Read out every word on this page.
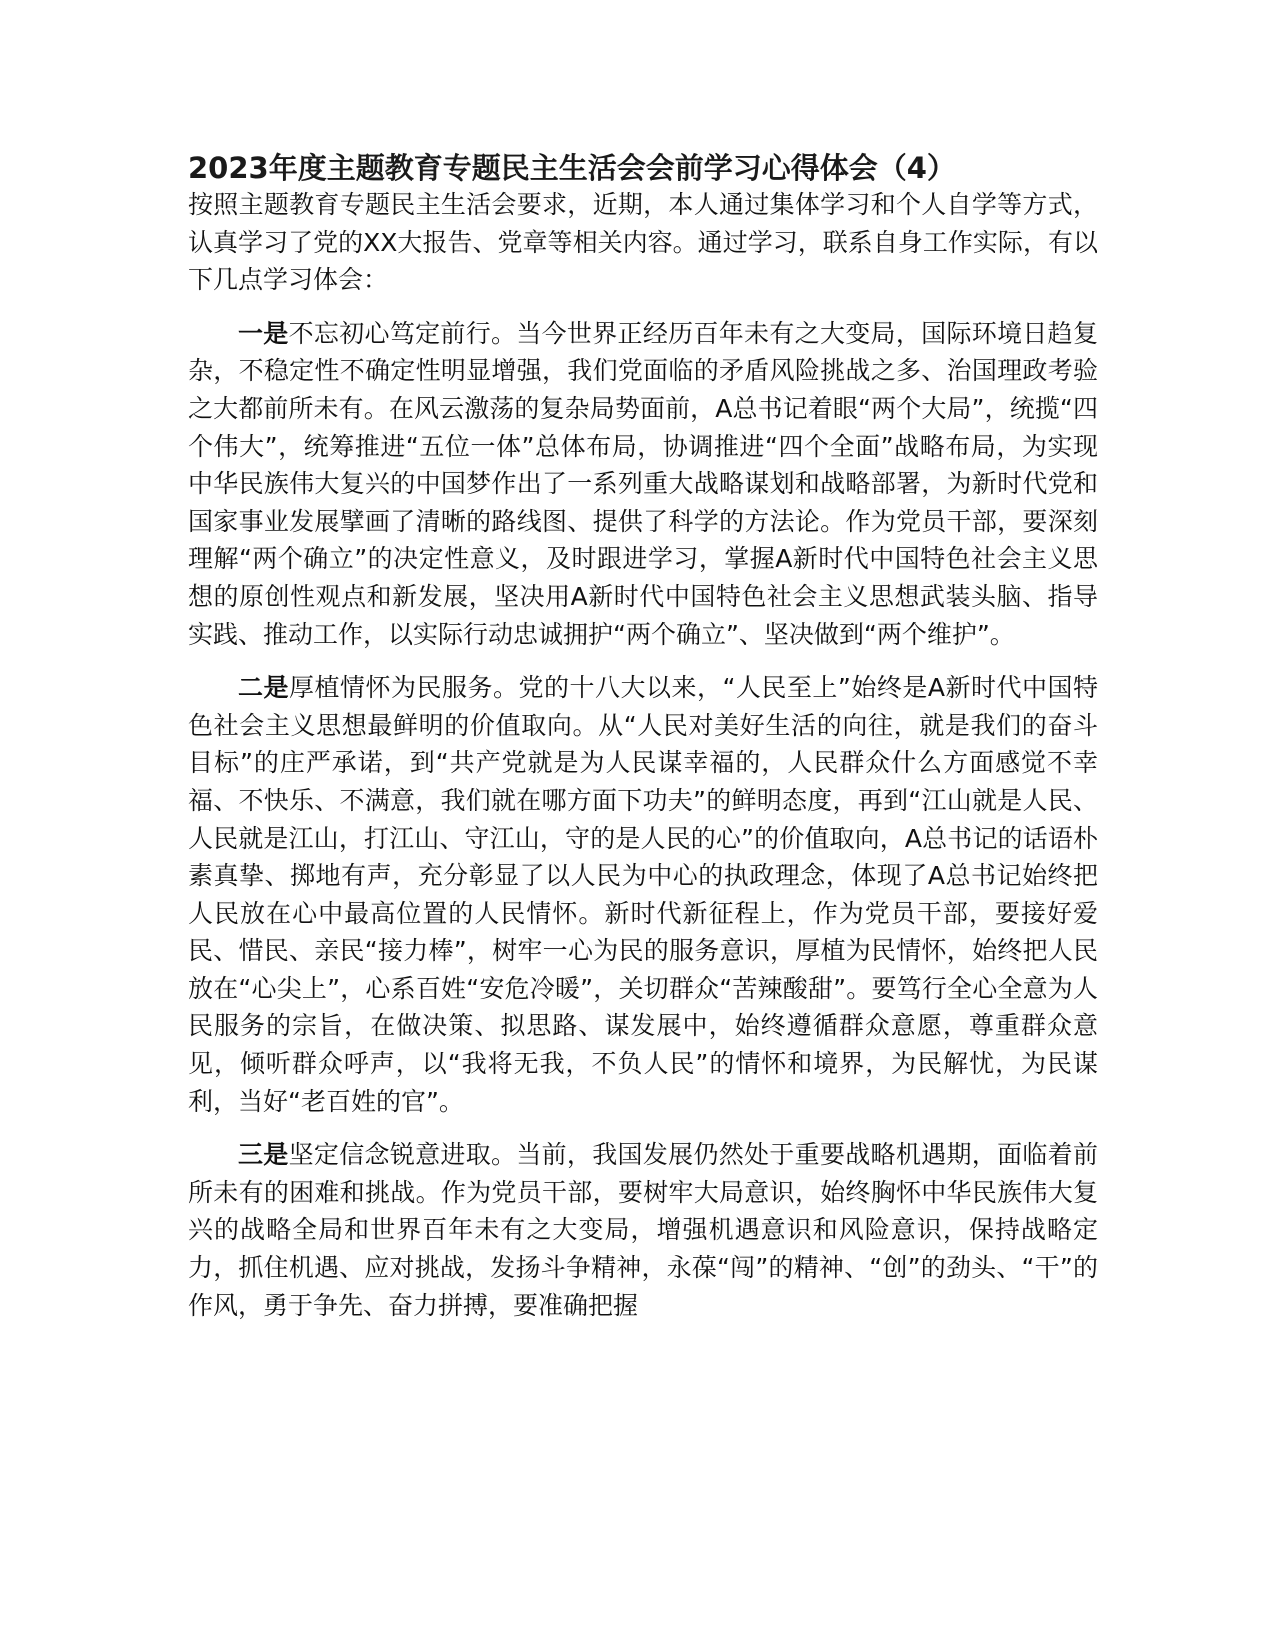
2023年度主题教育专题民主生活会会前学习心得体会（4）

按照主题教育专题民主生活会要求，近期，本人通过集体学习和个人自学等方式，认真学习了党的XX大报告、党章等相关内容。通过学习，联系自身工作实际，有以下几点学习体会：

一是不忘初心笃定前行。当今世界正经历百年未有之大变局，国际环境日趋复杂，不稳定性不确定性明显增强，我们党面临的矛盾风险挑战之多、治国理政考验之大都前所未有。在风云激荡的复杂局势面前，A总书记着眼“两个大局”，统揽“四个伟大”，统筹推进“五位一体”总体布局，协调推进“四个全面”战略布局，为实现中华民族伟大复兴的中国梦作出了一系列重大战略谋划和战略部署，为新时代党和国家事业发展擘画了清晰的路线图、提供了科学的方法论。作为党员干部，要深刻理解“两个确立”的决定性意义，及时跟进学习，掌握A新时代中国特色社会主义思想的原创性观点和新发展，坚决用A新时代中国特色社会主义思想武装头脑、指导实践、推动工作，以实际行动忠诚拥护“两个确立”、坚决做到“两个维护”。

二是厚植情怀为民服务。党的十八大以来，“人民至上”始终是A新时代中国特色社会主义思想最鲜明的价值取向。从“人民对美好生活的向往，就是我们的奋斗目标”的庄严承诺，到“共产党就是为人民谋幸福的，人民群众什么方面感觉不幸福、不快乐、不满意，我们就在哪方面下功夫”的鲜明态度，再到“江山就是人民、人民就是江山，打江山、守江山，守的是人民的心”的价值取向，A总书记的话语朴素真挚、掷地有声，充分彰显了以人民为中心的执政理念，体现了A总书记始终把人民放在心中最高位置的人民情怀。新时代新征程上，作为党员干部，要接好爱民、惜民、亲民“接力棒”，树牢一心为民的服务意识，厚植为民情怀，始终把人民放在“心尖上”，心系百姓“安危冷暖”，关切群众“苦辣酸甜”。要笃行全心全意为人民服务的宗旨，在做决策、拟思路、谋发展中，始终遵循群众意愿，尊重群众意见，倾听群众呼声，以“我将无我，不负人民”的情怀和境界，为民解忧，为民谋利，当好“老百姓的官”。

三是坚定信念锐意进取。当前，我国发展仍然处于重要战略机遇期，面临着前所未有的困难和挑战。作为党员干部，要树牢大局意识，始终胸怀中华民族伟大复兴的战略全局和世界百年未有之大变局，增强机遇意识和风险意识，保持战略定力，抓住机遇、应对挑战，发扬斗争精神，永葆“闯”的精神、“创”的劲头、“干”的作风，勇于争先、奋力拼搏，要准确把握
